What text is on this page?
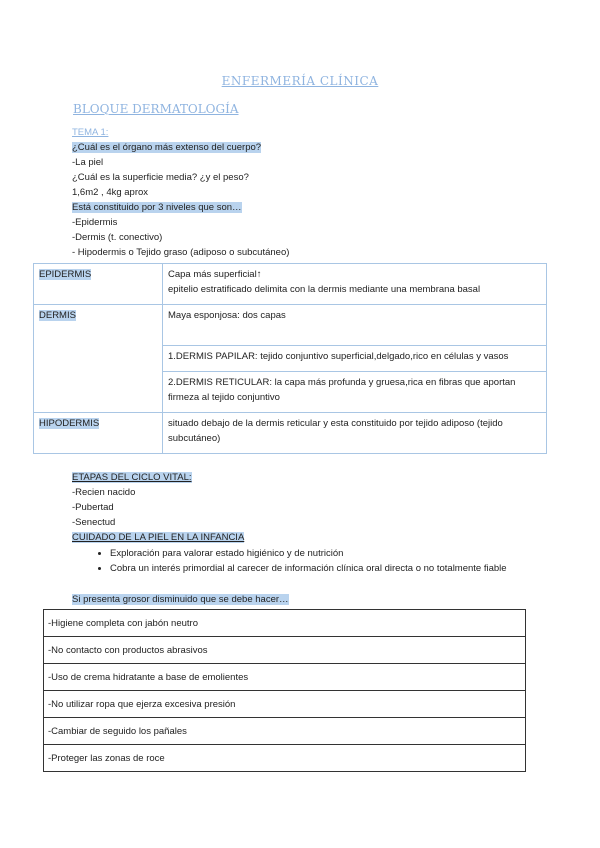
ENFERMERÍA CLÍNICA
BLOQUE DERMATOLOGÍA
TEMA 1:
¿Cuál es el órgano más extenso del cuerpo?
-La piel
¿Cuál es la superficie media? ¿y el peso?
1,6m2 , 4kg aprox
Está constituido por 3 niveles que son…
-Epidermis
-Dermis (t. conectivo)
- Hipodermis o Tejido graso (adiposo o subcutáneo)
EPIDERMIS	Capa más superficial↑
epitelio estratificado delimita con la dermis mediante una membrana basal

DERMIS	Maya esponjosa: dos capas
	1.DERMIS PAPILAR: tejido conjuntivo superficial,delgado,rico en células y vasos
	2.DERMIS RETICULAR: la capa más profunda y gruesa,rica en fibras que aportan firmeza al tejido conjuntivo
HIPODERMIS	situado debajo de la dermis reticular y esta constituido por tejido adiposo (tejido subcutáneo)
ETAPAS DEL CICLO VITAL:
-Recien nacido
-Pubertad
-Senectud
CUIDADO DE LA PIEL EN LA INFANCIA
• Exploración para valorar estado higiénico y de nutrición
• Cobra un interés primordial al carecer de información clínica oral directa o no totalmente fiable
Si presenta grosor disminuido que se debe hacer…
-Higiene completa con jabón neutro
-No contacto con productos abrasivos
-Uso de crema hidratante a base de emolientes
-No utilizar ropa que ejerza excesiva presión
-Cambiar de seguido los pañales
-Proteger las zonas de roce
